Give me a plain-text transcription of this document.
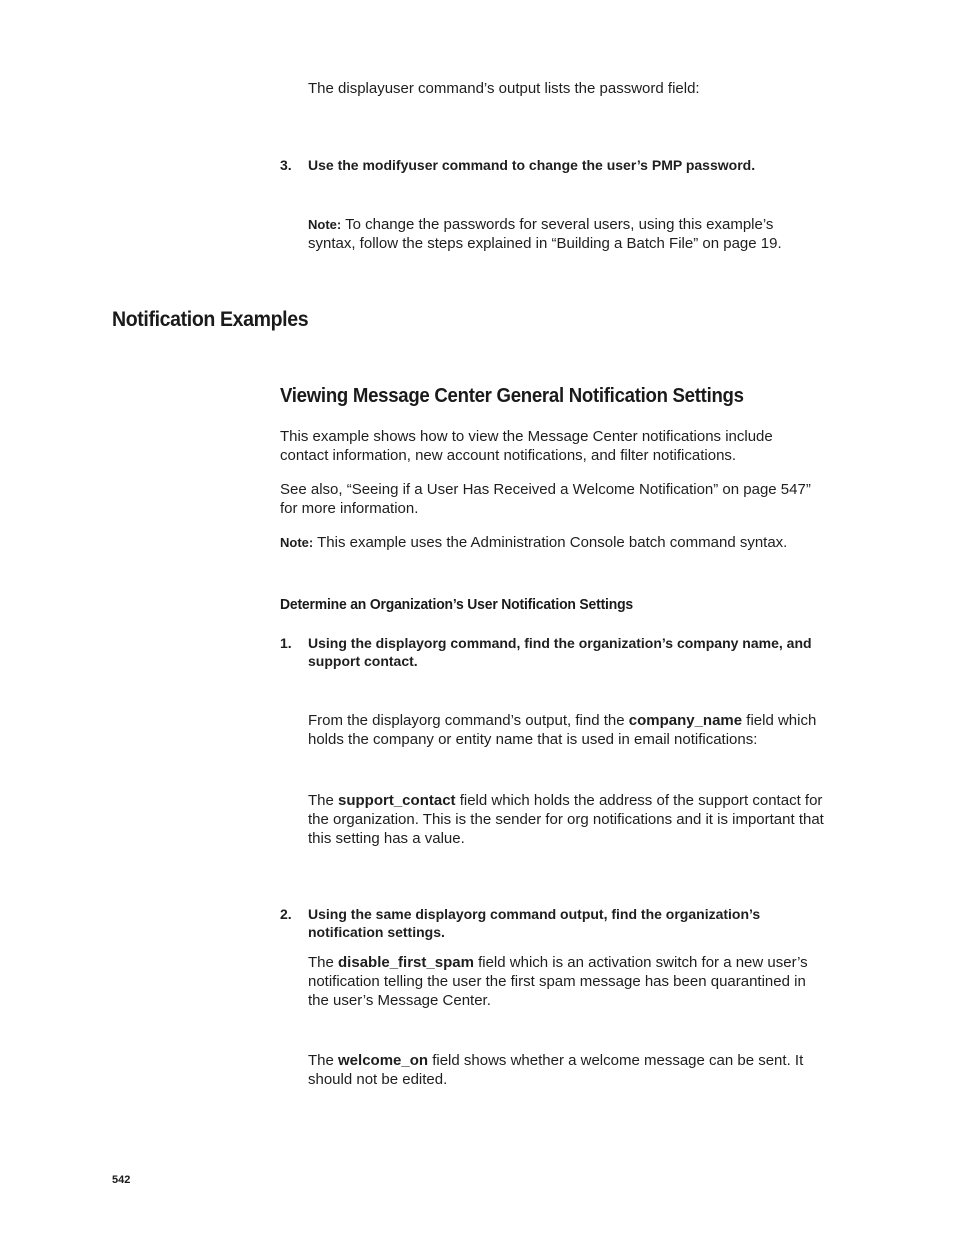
The displayuser command’s output lists the password field:

3. Use the modifyuser command to change the user’s PMP password.

Note: To change the passwords for several users, using this example’s
syntax, follow the steps explained in “Building a Batch File” on page 19.
Notification Examples
Viewing Message Center General Notification Settings
This example shows how to view the Message Center notifications include
contact information, new account notifications, and filter notifications.
See also, “Seeing if a User Has Received a Welcome Notification” on page 547”
for more information.
Note: This example uses the Administration Console batch command syntax.
Determine an Organization’s User Notification Settings
1. Using the displayorg command, find the organization’s company name, and
support contact.
From the displayorg command’s output, find the company_name field which
holds the company or entity name that is used in email notifications:
The support_contact field which holds the address of the support contact for
the organization. This is the sender for org notifications and it is important that
this setting has a value.
2. Using the same displayorg command output, find the organization’s
notification settings.
The disable_first_spam field which is an activation switch for a new user’s
notification telling the user the first spam message has been quarantined in
the user’s Message Center.
The welcome_on field shows whether a welcome message can be sent. It
should not be edited.
542
